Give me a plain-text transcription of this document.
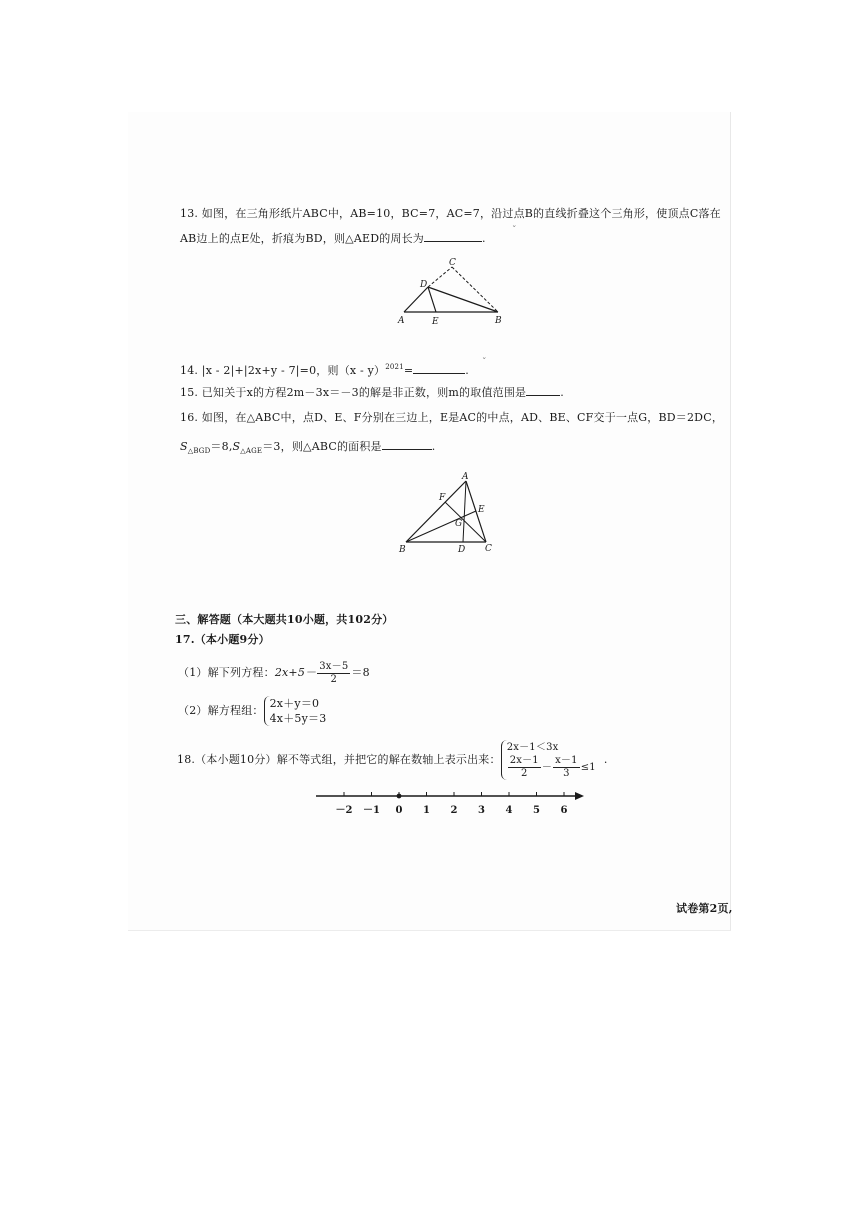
13. 如图，在三角形纸片ABC中，AB=10，BC=7，AC=7，沿过点B的直线折叠这个三角形，使顶点C落在
AB边上的点E处，折痕为BD，则△AED的周长为	.
C
D
A	E	B
14. |x - 2|+|2x+y - 7|=0，则（x - y）$^{2021}$=	.
15. 已知关于x的方程2m－3x＝－3的解是非正数，则m的取值范围是	.
16. 如图，在△ABC中，点D、E、F分别在三边上，E是AC的中点，AD、BE、CF交于一点G，BD＝2DC，
$S_{\triangle BGD}=8,S_{\triangle AGE}=3$，则△ABC的面积是	.
A
F
E
G
B	D C
三、解答题（本大题共10小题，共102分）
17.（本小题9分）
（1）解下列方程：$2x+5- \frac{3x-5}{2} =8$
（2）解方程组：
2x＋y＝0
4x＋5y＝3
18.（本小题10分）解不等式组，并把它的解在数轴上表示出来：
2x－1＜3x
$\frac{2x-1}{2} - \frac{x-1}{3} \le 1$
.
－2 －1 0 1 2 3 4 5 6
试卷第2页,
ˇ
ˇ
